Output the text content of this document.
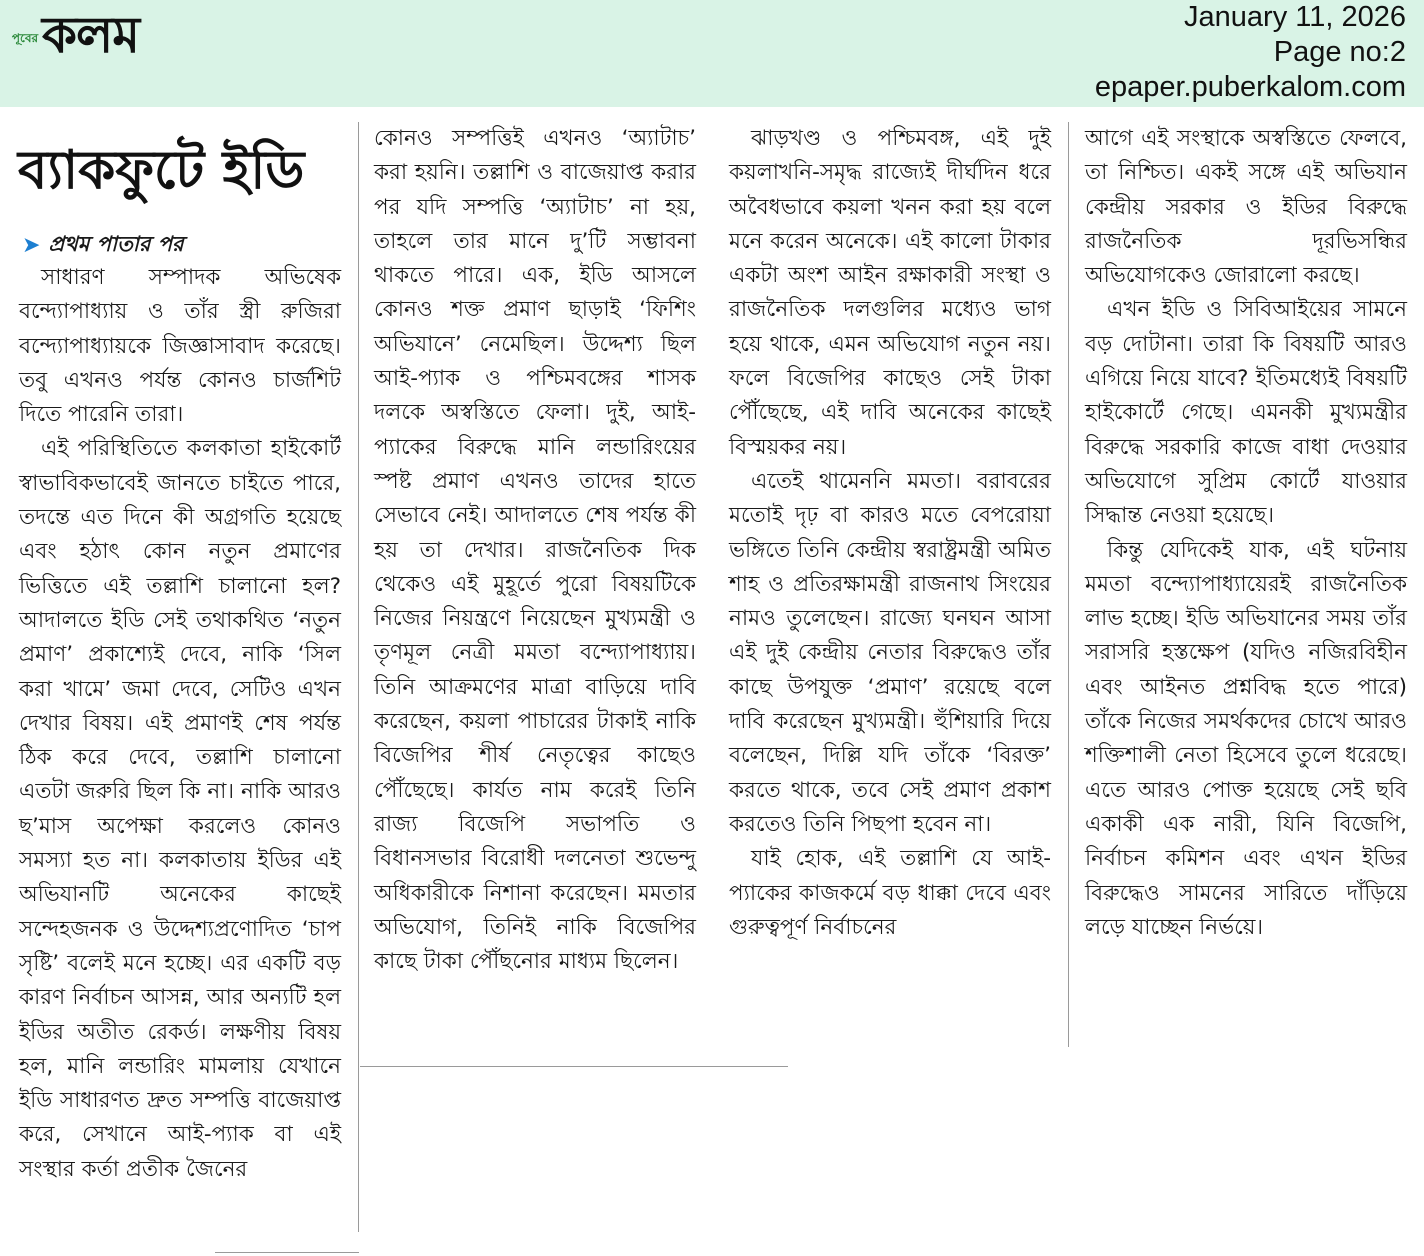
পূবের কলম	January 11, 2026
Page no:2
epaper.puberkalom.com
ব্যাকফুটে ইডি
➤ প্রথম পাতার পর

সাধারণ সম্পাদক অভিষেক বন্দ্যোপাধ্যায় ও তাঁর স্ত্রী রুজিরা বন্দ্যোপাধ্যায়কে জিজ্ঞাসাবাদ করেছে। তবু এখনও পর্যন্ত কোনও চার্জশিট দিতে পারেনি তারা।

এই পরিস্থিতিতে কলকাতা হাইকোর্ট স্বাভাবিকভাবেই জানতে চাইতে পারে, তদন্তে এত দিনে কী অগ্রগতি হয়েছে এবং হঠাৎ কোন নতুন প্রমাণের ভিত্তিতে এই তল্লাশি চালানো হল? আদালতে ইডি সেই তথাকথিত ‘নতুন প্রমাণ’ প্রকাশ্যেই দেবে, নাকি ‘সিল করা খামে’ জমা দেবে, সেটিও এখন দেখার বিষয়। এই প্রমাণই শেষ পর্যন্ত ঠিক করে দেবে, তল্লাশি চালানো এতটা জরুরি ছিল কি না। নাকি আরও ছ’মাস অপেক্ষা করলেও কোনও সমস্যা হত না। কলকাতায় ইডির এই অভিযানটি অনেকের কাছেই সন্দেহজনক ও উদ্দেশ্যপ্রণোদিত ‘চাপ সৃষ্টি’ বলেই মনে হচ্ছে। এর একটি বড় কারণ নির্বাচন আসন্ন, আর অন্যটি হল ইডির অতীত রেকর্ড। লক্ষণীয় বিষয় হল, মানি লন্ডারিং মামলায় যেখানে ইডি সাধারণত দ্রুত সম্পত্তি বাজেয়াপ্ত করে, সেখানে আই-প্যাক বা এই সংস্থার কর্তা প্রতীক জৈনের

কোনও সম্পত্তিই এখনও ‘অ্যাটাচ’ করা হয়নি। তল্লাশি ও বাজেয়াপ্ত করার পর যদি সম্পত্তি ‘অ্যাটাচ’ না হয়, তাহলে তার মানে দু’টি সম্ভাবনা থাকতে পারে। এক, ইডি আসলে কোনও শক্ত প্রমাণ ছাড়াই ‘ফিশিং অভিযানে’ নেমেছিল। উদ্দেশ্য ছিল আই-প্যাক ও পশ্চিমবঙ্গের শাসক দলকে অস্বস্তিতে ফেলা। দুই, আই-প্যাকের বিরুদ্ধে মানি লন্ডারিংয়ের স্পষ্ট প্রমাণ এখনও তাদের হাতে সেভাবে নেই। আদালতে শেষ পর্যন্ত কী হয় তা দেখার। রাজনৈতিক দিক থেকেও এই মুহূর্তে পুরো বিষয়টিকে নিজের নিয়ন্ত্রণে নিয়েছেন মুখ্যমন্ত্রী ও তৃণমূল নেত্রী মমতা বন্দ্যোপাধ্যায়। তিনি আক্রমণের মাত্রা বাড়িয়ে দাবি করেছেন, কয়লা পাচারের টাকাই নাকি বিজেপির শীর্ষ নেতৃত্বের কাছেও পৌঁছেছে। কার্যত নাম করেই তিনি রাজ্য বিজেপি সভাপতি ও বিধানসভার বিরোধী দলনেতা শুভেন্দু অধিকারীকে নিশানা করেছেন। মমতার অভিযোগ, তিনিই নাকি বিজেপির কাছে টাকা পৌঁছনোর মাধ্যম ছিলেন।

ঝাড়খণ্ড ও পশ্চিমবঙ্গ, এই দুই কয়লাখনি-সমৃদ্ধ রাজ্যেই দীর্ঘদিন ধরে অবৈধভাবে কয়লা খনন করা হয় বলে মনে করেন অনেকে। এই কালো টাকার একটা অংশ আইন রক্ষাকারী সংস্থা ও রাজনৈতিক দলগুলির মধ্যেও ভাগ হয়ে থাকে, এমন অভিযোগ নতুন নয়। ফলে বিজেপির কাছেও সেই টাকা পৌঁছেছে, এই দাবি অনেকের কাছেই বিস্ময়কর নয়।

এতেই থামেননি মমতা। বরাবরের মতোই দৃঢ় বা কারও মতে বেপরোয়া ভঙ্গিতে তিনি কেন্দ্রীয় স্বরাষ্ট্রমন্ত্রী অমিত শাহ ও প্রতিরক্ষামন্ত্রী রাজনাথ সিংয়ের নামও তুলেছেন। রাজ্যে ঘনঘন আসা এই দুই কেন্দ্রীয় নেতার বিরুদ্ধেও তাঁর কাছে উপযুক্ত ‘প্রমাণ’ রয়েছে বলে দাবি করেছেন মুখ্যমন্ত্রী। হুঁশিয়ারি দিয়ে বলেছেন, দিল্লি যদি তাঁকে ‘বিরক্ত’ করতে থাকে, তবে সেই প্রমাণ প্রকাশ করতেও তিনি পিছপা হবেন না।

যাই হোক, এই তল্লাশি যে আই-প্যাকের কাজকর্মে বড় ধাক্কা দেবে এবং গুরুত্বপূর্ণ নির্বাচনের

আগে এই সংস্থাকে অস্বস্তিতে ফেলবে, তা নিশ্চিত। একই সঙ্গে এই অভিযান কেন্দ্রীয় সরকার ও ইডির বিরুদ্ধে রাজনৈতিক দূরভিসন্ধির অভিযোগকেও জোরালো করছে।

এখন ইডি ও সিবিআইয়ের সামনে বড় দোটানা। তারা কি বিষয়টি আরও এগিয়ে নিয়ে যাবে? ইতিমধ্যেই বিষয়টি হাইকোর্টে গেছে। এমনকী মুখ্যমন্ত্রীর বিরুদ্ধে সরকারি কাজে বাধা দেওয়ার অভিযোগে সুপ্রিম কোর্টে যাওয়ার সিদ্ধান্ত নেওয়া হয়েছে।

কিন্তু যেদিকেই যাক, এই ঘটনায় মমতা বন্দ্যোপাধ্যায়েরই রাজনৈতিক লাভ হচ্ছে। ইডি অভিযানের সময় তাঁর সরাসরি হস্তক্ষেপ (যদিও নজিরবিহীন এবং আইনত প্রশ্নবিদ্ধ হতে পারে) তাঁকে নিজের সমর্থকদের চোখে আরও শক্তিশালী নেতা হিসেবে তুলে ধরেছে। এতে আরও পোক্ত হয়েছে সেই ছবি একাকী এক নারী, যিনি বিজেপি, নির্বাচন কমিশন এবং এখন ইডির বিরুদ্ধেও সামনের সারিতে দাঁড়িয়ে লড়ে যাচ্ছেন নির্ভয়ে।
